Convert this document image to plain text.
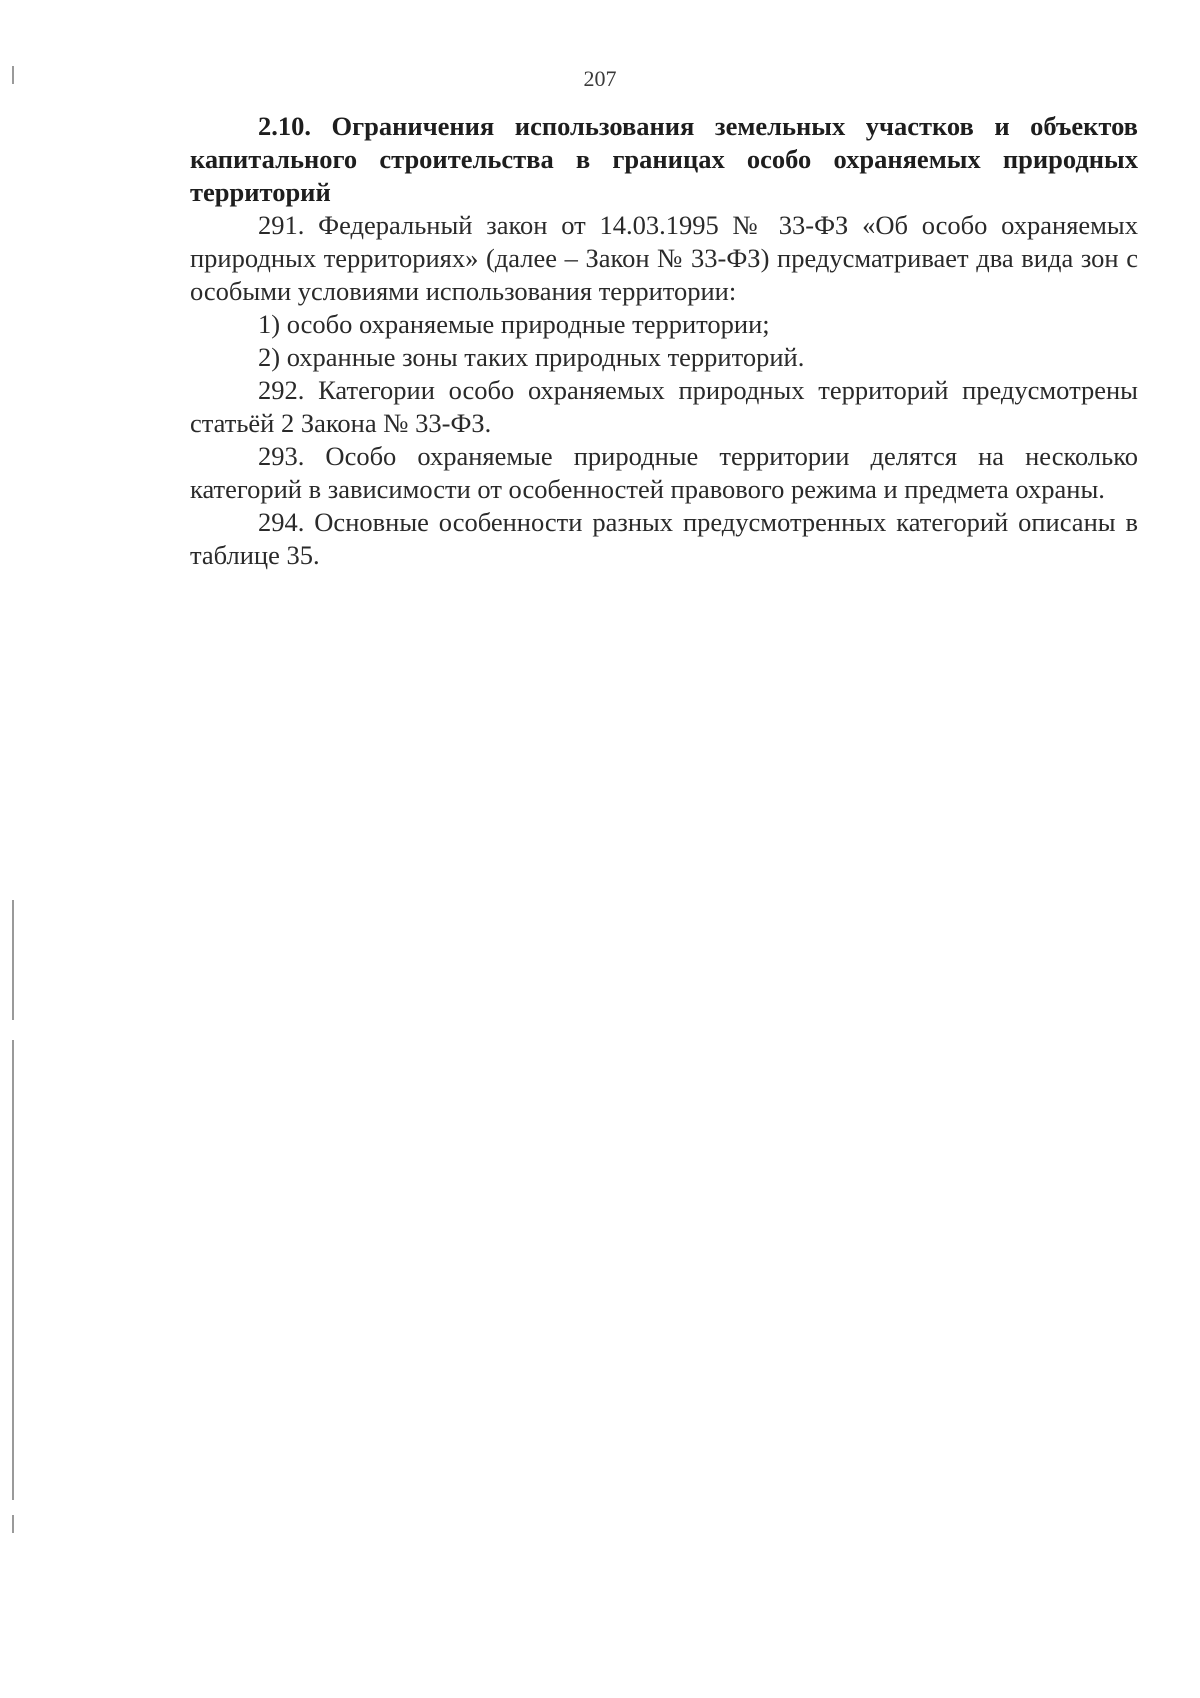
207

2.10. Ограничения использования земельных участков и объектов капитального строительства в границах особо охраняемых природных территорий

291. Федеральный закон от 14.03.1995 № 33-ФЗ «Об особо охраняемых природных территориях» (далее – Закон № 33-ФЗ) предусматривает два вида зон с особыми условиями использования территории:

1) особо охраняемые природные территории;

2) охранные зоны таких природных территорий.

292. Категории особо охраняемых природных территорий предусмотрены статьёй 2 Закона № 33-ФЗ.

293. Особо охраняемые природные территории делятся на несколько категорий в зависимости от особенностей правового режима и предмета охраны.

294. Основные особенности разных предусмотренных категорий описаны в таблице 35.
